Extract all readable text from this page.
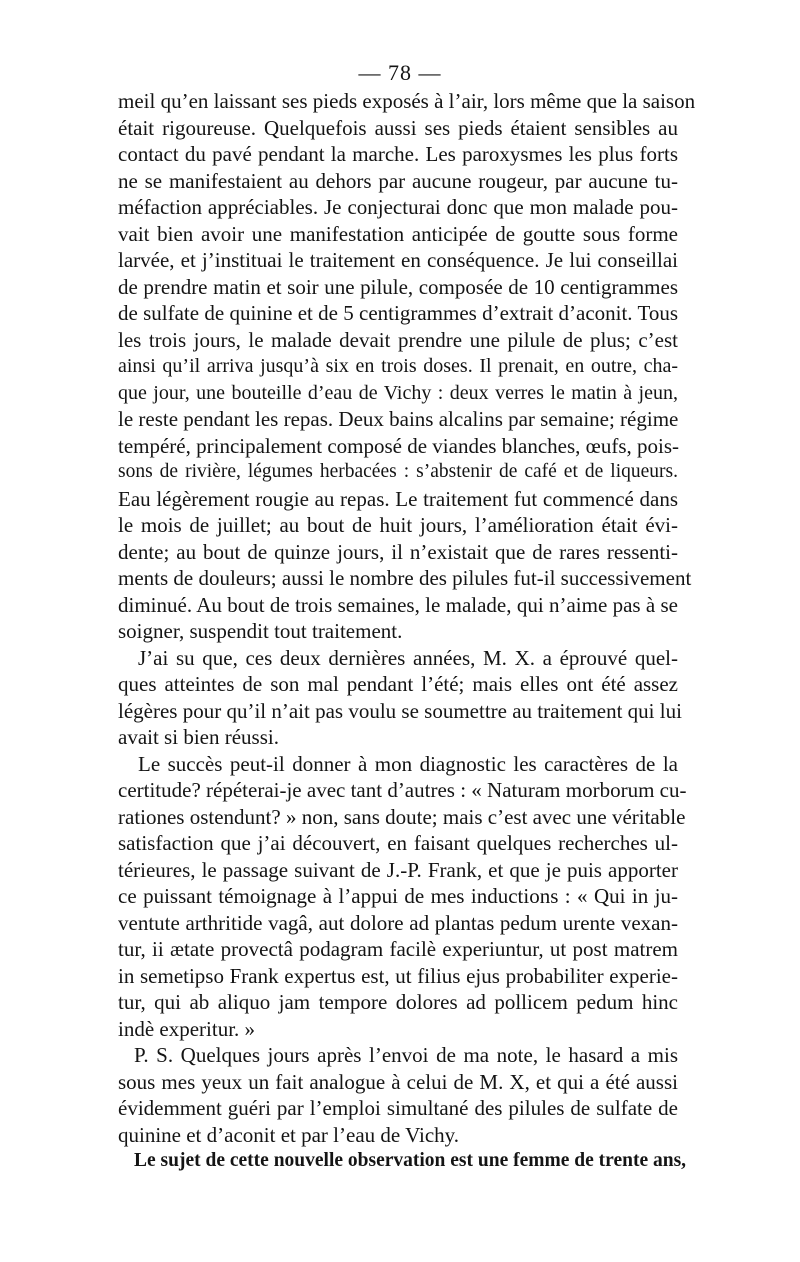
— 78 —
meil qu’en laissant ses pieds exposés à l’air, lors même que la saison
était rigoureuse. Quelquefois aussi ses pieds étaient sensibles au
contact du pavé pendant la marche. Les paroxysmes les plus forts
ne se manifestaient au dehors par aucune rougeur, par aucune tu-
méfaction appréciables. Je conjecturai donc que mon malade pou-
vait bien avoir une manifestation anticipée de goutte sous forme
larvée, et j’instituai le traitement en conséquence. Je lui conseillai
de prendre matin et soir une pilule, composée de 10 centigrammes
de sulfate de quinine et de 5 centigrammes d’extrait d’aconit. Tous
les trois jours, le malade devait prendre une pilule de plus; c’est
ainsi qu’il arriva jusqu’à six en trois doses. Il prenait, en outre, cha-
que jour, une bouteille d’eau de Vichy : deux verres le matin à jeun,
le reste pendant les repas. Deux bains alcalins par semaine; régime
tempéré, principalement composé de viandes blanches, œufs, pois-
sons de rivière, légumes herbacées : s’abstenir de café et de liqueurs.
Eau légèrement rougie au repas. Le traitement fut commencé dans
le mois de juillet; au bout de huit jours, l’amélioration était évi-
dente; au bout de quinze jours, il n’existait que de rares ressenti-
ments de douleurs; aussi le nombre des pilules fut-il successivement
diminué. Au bout de trois semaines, le malade, qui n’aime pas à se
soigner, suspendit tout traitement.
J’ai su que, ces deux dernières années, M. X. a éprouvé quel-
ques atteintes de son mal pendant l’été; mais elles ont été assez
légères pour qu’il n’ait pas voulu se soumettre au traitement qui lui
avait si bien réussi.
Le succès peut-il donner à mon diagnostic les caractères de la
certitude? répéterai-je avec tant d’autres : « Naturam morborum cu-
rationes ostendunt? » non, sans doute; mais c’est avec une véritable
satisfaction que j’ai découvert, en faisant quelques recherches ul-
térieures, le passage suivant de J.-P. Frank, et que je puis apporter
ce puissant témoignage à l’appui de mes inductions : « Qui in ju-
ventute arthritide vagâ, aut dolore ad plantas pedum urente vexan-
tur, ii ætate provectâ podagram facilè experiuntur, ut post matrem
in semetipso Frank expertus est, ut filius ejus probabiliter experie-
tur, qui ab aliquo jam tempore dolores ad pollicem pedum hinc
indè experitur. »
P. S. Quelques jours après l’envoi de ma note, le hasard a mis
sous mes yeux un fait analogue à celui de M. X, et qui a été aussi
évidemment guéri par l’emploi simultané des pilules de sulfate de
quinine et d’aconit et par l’eau de Vichy.
Le sujet de cette nouvelle observation est une femme de trente ans,
